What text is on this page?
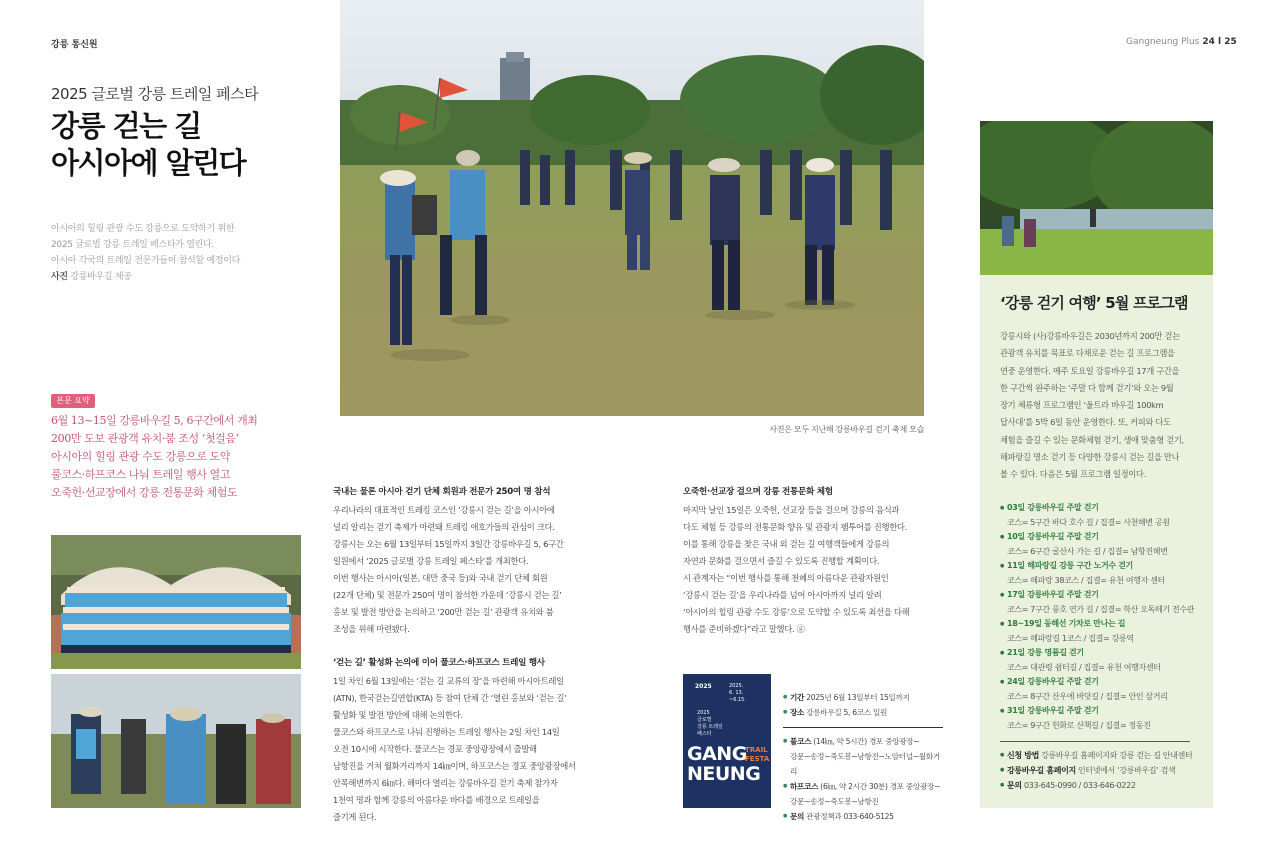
강릉 통신원	Gangneung Plus 24 l 25
2025 글로벌 강릉 트레일 페스타
강릉 걷는 길
아시아에 알린다
아시아의 힐링 관광 수도 강릉으로 도약하기 위한
2025 글로벌 강릉 트레일 페스타가 열린다.
아시아 각국의 트레일 전문가들이 참석할 예정이다
사진 강릉바우길 제공
본문 요약
6월 13~15일 강릉바우길 5, 6구간에서 개최
200만 도보 관광객 유치·붐 조성 ‘첫걸음’
아시아의 힐링 관광 수도 강릉으로 도약
풀코스·하프코스 나눠 트레일 행사 열고
오죽헌·선교장에서 강릉 전통문화 체험도
사진은 모두 지난해 강릉바우길 걷기 축제 모습
국내는 물론 아시아 걷기 단체 회원과 전문가 250여 명 참석

우리나라의 대표적인 트레킹 코스인 ‘강릉시 걷는 길’을 아시아에
널리 알리는 걷기 축제가 마련돼 트레킹 애호가들의 관심이 크다.
강릉시는 오는 6월 13일부터 15일까지 3일간 강릉바우길 5, 6구간
일원에서 ‘2025 글로벌 강릉 트레일 페스타’를 개최한다.
이번 행사는 아시아(일본, 대만 중국 등)와 국내 걷기 단체 회원
(22개 단체) 및 전문가 250여 명이 참석한 가운데 ‘강릉시 걷는 길’
홍보 및 발전 방안을 논의하고 ‘200만 걷는 길’ 관광객 유치와 붐
조성을 위해 마련됐다.

‘걷는 길’ 활성화 논의에 이어 풀코스·하프코스 트레일 행사

1일 차인 6월 13일에는 ‘걷는 길 교류의 장’을 마련해 아시아트레일
(ATN), 한국걷는길연합(KTA) 등 참여 단체 간 ‘열린 홍보와 ‘걷는 길’
활성화 및 발전 방안에 대해 논의한다.
풀코스와 하프코스로 나눠 진행하는 트레일 행사는 2일 차인 14일
오전 10시에 시작한다. 풀코스는 경포 중앙광장에서 출발해
남항진을 거쳐 월화거리까지 14㎞이며, 하프코스는 경포 중앙광장에서
안목해변까지 6㎞다. 해마다 열리는 강릉바우길 걷기 축제 참가자
1천여 명과 함께 강릉의 아름다운 바다를 배경으로 트레일을
즐기게 된다.

오죽헌·선교장 걸으며 강릉 전통문화 체험

마지막 날인 15일은 오죽헌, 선교장 등을 걸으며 강릉의 음식과
다도 체험 등 강릉의 전통문화 향유 및 관광지 팸투어를 진행한다.
이를 통해 강릉을 찾은 국내 외 걷는 길 여행객들에게 강릉의
자연과 문화를 걸으면서 즐길 수 있도록 진행할 계획이다.
시 관계자는 “이번 행사를 통해 천혜의 아름다운 관광자원인
‘강릉시 걷는 길’을 우리나라를 넘어 아시아까지 널리 알려
‘아시아의 힐링 관광 수도 강릉’으로 도약할 수 있도록 최선을 다해
행사를 준비하겠다”라고 말했다. ⓖ

2025	2025.
6. 13.
~6.15.
2025
글로벌
강릉 트레일
페스타
GANG
NEUNG
TRAIL
FESTA
● 기간 2025년 6월 13일부터 15일까지
● 장소 강릉바우길 5, 6코스 일원
● 풀코스 (14㎞, 약 5시간) 경포 중앙광장~
강문~송정~죽도봉~남항진~노암터널~월화거리
● 하프코스 (6㎞, 약 2시간 30분) 경포 중앙광장~
강문~송정~죽도봉~남항진
● 문의 관광정책과 033-640-5125
‘강릉 걷기 여행’ 5월 프로그램
강릉시와 (사)강릉바우길은 2030년까지 200만 걷는
관광객 유치를 목표로 다채로운 걷는 길 프로그램을
연중 운영한다. 매주 토요일 강릉바우길 17개 구간을
한 구간씩 완주하는 ‘주말 다 함께 걷기’와 오는 9월
장기 체류형 프로그램인 ‘울트라 바우길 100km
답사대’를 5박 6일 동안 운영한다. 또, 커피와 다도
체험을 즐길 수 있는 문화체험 걷기, 생애 맞춤형 걷기,
해파랑길 명소 걷기 등 다양한 강릉시 걷는 길을 만나
볼 수 있다. 다음은 5월 프로그램 일정이다.
● 03일 강릉바우길 주말 걷기
코스= 5구간 바다 호수 길 / 집결= 사천해변 공원
● 10일 강릉바우길 주말 걷기
코스= 6구간 굴산사 가는 길 / 집결= 남항진해변
● 11일 해파랑길 강릉 구간 노거수 걷기
코스= 해파랑 38코스 / 집결= 유천 여행자 센터
● 17일 강릉바우길 주말 걷기
코스= 7구간 풍호 연가 길 / 집결= 학산 오독떼기 전수관
● 18~19일 동해선 기차로 만나는 길
코스= 해파랑길 1코스 / 집결= 강릉역
● 21일 강릉 명품길 걷기
코스= 대관령 쉼터길 / 집결= 유천 여행자센터
● 24일 강릉바우길 주말 걷기
코스= 8구간 산우에 바닷길 / 집결= 안인 삼거리
● 31일 강릉바우길 주말 걷기
코스= 9구간 헌화로 산책길 / 집결= 정동진
● 신청 방법 강릉바우길 홈페이지와 강릉 걷는 길 안내센터
● 강릉바우길 홈페이지 인터넷에서 ‘강릉바우길’ 검색
● 문의 033-645-0990 / 033-646-0222
